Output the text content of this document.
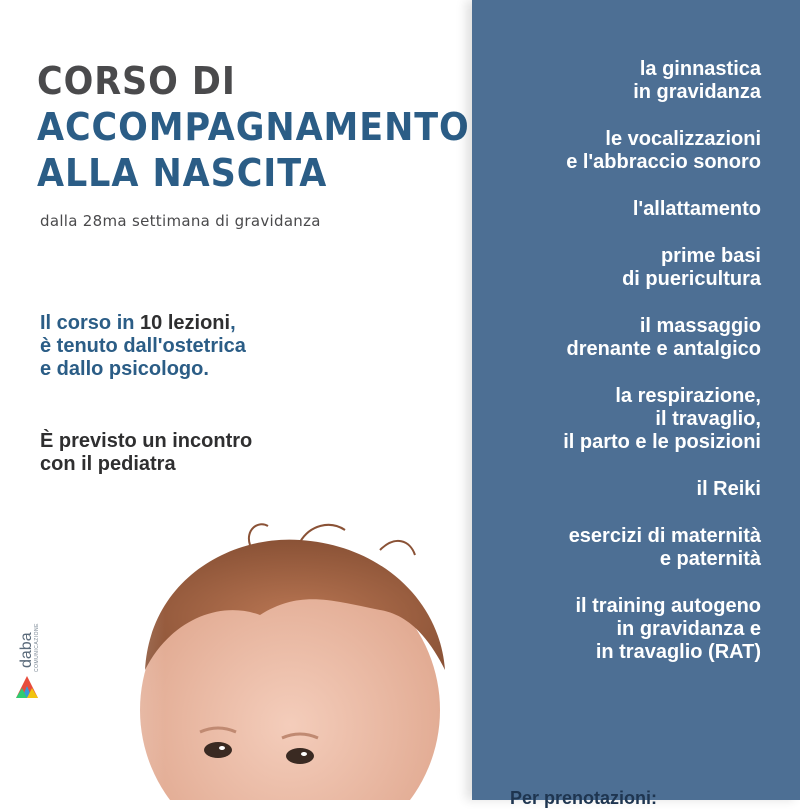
CORSO DI
ACCOMPAGNAMENTO
ALLA NASCITA
dalla 28ma settimana di gravidanza
Il corso in 10 lezioni,
è tenuto dall'ostetrica
e dallo psicologo.
È previsto un incontro
con il pediatra
daba COMUNICAZIONE
la ginnastica
in gravidanza
le vocalizzazioni
e l'abbraccio sonoro
l'allattamento
prime basi
di puericultura
il massaggio
drenante e antalgico
la respirazione,
il travaglio,
il parto e le posizioni
il Reiki
esercizi di maternità
e paternità
il training autogeno
in gravidanza e
in travaglio (RAT)
Per prenotazioni:
